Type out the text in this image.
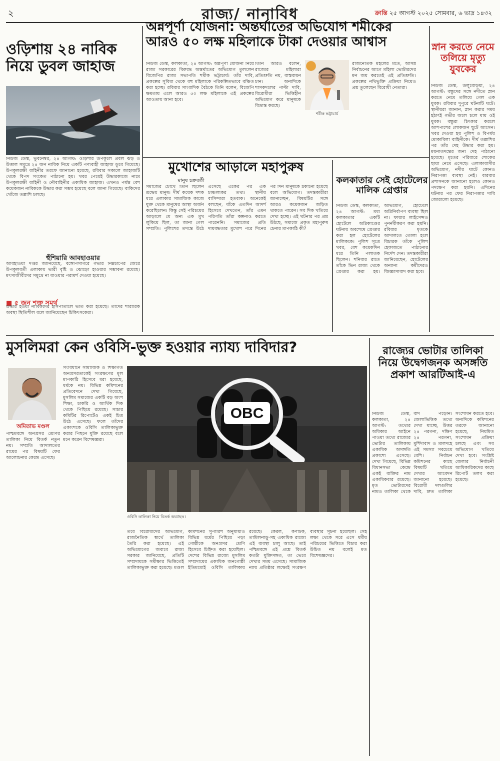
২	রাজ্য/ নানাবিধ	ক্রান্তি ২৫ আগস্ট ২০২৫ সোমবার, ৬ ভাদ্র ১৪৩২
ওড়িশায় ২৪ নাবিক নিয়ে ডুবল জাহাজ
নিউজ ডেস্ক, ভুবনেশ্বর, ২৪ আগস্ট: ওড়িশার উপকূলে প্রবল ঝড় ও উত্তাল সমুদ্রে ২৪ জন নাবিক নিয়ে একটি পণ্যবাহী জাহাজ ডুবে গিয়েছে। উপকূলরক্ষী বাহিনীর তরফে জানানো হয়েছে, রবিবার সকালে জাহাজটি থেকে বিপদ সংকেত পাঠানো হয়। খবর পেয়েই উদ্ধারকাজে নামে উপকূলরক্ষী বাহিনী ও নৌবাহিনীর একাধিক জাহাজ। এখনও পর্যন্ত বেশ কয়েকজন নাবিককে উদ্ধার করা সম্ভব হয়েছে বলে জানা গিয়েছে। বাকিদের খোঁজে তল্লাশি চলছে।
হুঁশিয়ারি আবহাওয়ার
আবহাওয়া দপ্তর জানিয়েছে, বঙ্গোপসাগরে গভীর নিম্নচাপের জেরে উপকূলবর্তী এলাকায় ভারী বৃষ্টি ও ঝোড়ো হাওয়ার সম্ভাবনা রয়েছে। মৎস্যজীবীদের সমুদ্রে না যাওয়ার পরামর্শ দেওয়া হয়েছে।
■ ৫ জন শক্ত সমর্থ
উদ্ধার হওয়া নাবিকদের হাসপাতালে ভর্তি করা হয়েছে। তাঁদের শারীরিক অবস্থা স্থিতিশীল বলে জানিয়েছেন চিকিৎসকেরা।
অন্নপূর্ণা যোজনা: অন্তর্ঘাতের অভিযোগ শমীকের আরও ৫০ লক্ষ মহিলাকে টাকা দেওয়ার আশ্বাস
নিউজ ডেস্ক, কলকাতা, ২৪ আগস্ট: অন্নপূর্ণা যোজনা নিয়ে রাজ্য সরকারের বিরুদ্ধে অন্তর্ঘাতের অভিযোগ তুললেন বিজেপির রাজ্য সভাপতি শমীক ভট্টাচার্য। তাঁর দাবি, প্রকল্পের সুবিধা থেকে বহু মহিলাকে পরিকল্পিতভাবে বঞ্চিত করা হচ্ছে। রবিবার সাংবাদিক বৈঠকে তিনি বলেন, বিজেপি ক্ষমতায় এলে আরও ৫০ লক্ষ মহিলাকে এই প্রকল্পের আওতায় আনা হবে।
তিনি আরও বলেন, রাজ্যের মহিলারা প্রতিশ্রুতি নয়, বাস্তবায়ন চান। অন্যদিকে শাসকদলের পাল্টা দাবি, বিরোধীরা ভিত্তিহীন অভিযোগ করে মানুষকে বিভ্রান্ত করছে।
রাজনৈতিক মহলের মতে, আসন্ন নির্বাচনের আগে মহিলা ভোটারদের মন জয় করতেই এই প্রতিশ্রুতি। প্রকল্পের নথিভুক্তি প্রক্রিয়া নিয়েও প্রশ্ন তুলেছেন বিরোধী নেতারা।
শমীক ভট্টাচার্য
মুখোশের আড়ালে মহাপুরুষ
মানুষ চক্রবর্তী
সমাজের চোখে তিনি ছিলেন শ্রদ্ধেয় মানুষ। দীর্ঘ কয়েক দশক ধরে এলাকার সামাজিক কাজে যুক্ত থেকে মানুষের আস্থা অর্জন করেছিলেন। কিন্তু সেই পরিচয়ের আড়ালে যে অন্য এক মুখ লুকিয়ে ছিল, তা জানা গেল সম্প্রতি। পুলিশের তদন্তে উঠে এসেছে একের পর এক চাঞ্চল্যকর তথ্য। স্থানীয় বাসিন্দারা হতবাক। অনেকেই বলছেন, যাঁকে এতদিন আদর্শ হিসেবে দেখতেন, তাঁর এমন পরিণতি তাঁরা কল্পনাও করতে পারেননি। সমাজের প্রতি দায়বদ্ধতার মুখোশ পরে দিনের পর দিন মানুষকে ঠকানো হয়েছে বলে অভিযোগ। তদন্তকারীরা জানাচ্ছেন, বিষয়টির সঙ্গে আরও কয়েকজন জড়িত থাকতে পারেন। সব দিক খতিয়ে দেখা হচ্ছে। এই ঘটনার পর প্রশ্ন উঠছে, সমাজে প্রকৃত মহাপুরুষ চেনার মাপকাঠি কী?
কলকাতার সেই হোটেলের মালিক গ্রেপ্তার
নিউজ ডেস্ক, কলকাতা, ২৪ আগস্ট: মধ্য কলকাতার একটি হোটেলে অগ্নিকাণ্ডের ঘটনায় অবশেষে গ্রেপ্তার করা হল হোটেলের মালিককে। পুলিশ সূত্রে খবর, বেশ কয়েকদিন ধরে তিনি পলাতক ছিলেন। শনিবার রাতে তাঁকে ভিন রাজ্য থেকে গ্রেপ্তার করা হয়। অভিযোগ, হোটেলে অগ্নিনির্বাপণ ব্যবস্থা ছিল না। ফায়ার লাইসেন্সও পুনর্নবীকরণ করা হয়নি। রবিবার ধৃতকে আদালতে তোলা হলে বিচারক তাঁকে পুলিশ হেফাজতে পাঠানোর নির্দেশ দেন। তদন্তকারীরা জানিয়েছেন, হোটেলের অন্যান্য কর্মীদেরও জিজ্ঞাসাবাদ করা হবে।
স্নান করতে নেমে তলিয়ে মৃত্যু যুবকের
নিউজ ডেস্ক, উলুবেড়িয়া, ২৪ আগস্ট: বন্ধুদের সঙ্গে নদীতে স্নান করতে নেমে তলিয়ে গেল এক যুবক। রবিবার দুপুরে ঘটনাটি ঘটে। স্থানীয়রা জানান, স্নান করার সময় হঠাৎই গভীর জলে চলে যায় ওই যুবক। বন্ধুরা চিৎকার করলে আশপাশের লোকজন ছুটে আসেন। খবর দেওয়া হয় পুলিশ ও বিপর্যয় মোকাবিলা বাহিনীকে। দীর্ঘ তল্লাশির পর তাঁর দেহ উদ্ধার করা হয়। ময়নাতদন্তের জন্য দেহ পাঠানো হয়েছে। মৃতের পরিবারে শোকের ছায়া নেমে এসেছে। এলাকাবাসীর অভিযোগ, নদীর ঘাটে কোনও নিরাপত্তা ব্যবস্থা নেই। বারবার প্রশাসনকে জানানো হলেও কোনও পদক্ষেপ করা হয়নি। এদিনের ঘটনার পর ফের নিরাপত্তার দাবি জোরালো হয়েছে।
মুসলিমরা কেন ওবিসি-ভুক্ত হওয়ার ন্যায্য দাবিদার?
অমিতাভ মণ্ডল
পশ্চিমবঙ্গে অনগ্রসর শ্রেণির তালিকা নিয়ে বিতর্ক নতুন নয়। সম্প্রতি আদালতের রায়ের পর বিষয়টি ফের আলোচনার কেন্দ্রে এসেছে।
সংবিধানে সামাজিক ও শিক্ষাগত অনগ্রসরতাকেই সংরক্ষণের মূল মাপকাঠি হিসেবে ধরা হয়েছে, ধর্মকে নয়। বিভিন্ন কমিশনের প্রতিবেদনে দেখা গিয়েছে, মুসলিম সমাজের একটি বড় অংশ শিক্ষা, চাকরি ও আর্থিক দিক থেকে পিছিয়ে রয়েছে। সাচার কমিটির রিপোর্টেও একই চিত্র উঠে এসেছে। ফলে তাঁদের একাংশকে ওবিসি তালিকাভুক্ত করার পিছনে যুক্তি রয়েছে বলে মনে করেন বিশেষজ্ঞরা।
OBC
ওবিসি তালিকা নিয়ে বিতর্ক অব্যাহত।
তবে বিরোধীদের অভিযোগ, রাজনৈতিক স্বার্থে তালিকা তৈরি করা হয়েছে। এই অভিযোগের জবাবে রাজ্য সরকার জানিয়েছে, প্রতিটি সম্প্রদায়কে সমীক্ষার ভিত্তিতেই তালিকাভুক্ত করা হয়েছে। মণ্ডল কমিশনের সুপারিশ অনুযায়ীও বিভিন্ন ধর্মের পিছিয়ে পড়া গোষ্ঠীকে অনগ্রসর শ্রেণি হিসেবে চিহ্নিত করা হয়েছিল। দেশের বিভিন্ন রাজ্যে মুসলিম সম্প্রদায়ের একাধিক জনগোষ্ঠী ইতিমধ্যেই ওবিসি তালিকায় রয়েছে। কেরল, কর্ণাটক, তামিলনাড়ু-সহ একাধিক রাজ্যে এই ব্যবস্থা চালু আছে। তাই পশ্চিমবঙ্গে এই প্রশ্নে বিতর্ক কতটা যুক্তিসঙ্গত, তা ভেবে দেখার সময় এসেছে। সামাজিক ন্যায় প্রতিষ্ঠার লক্ষ্যেই সংরক্ষণ ব্যবস্থার সূচনা হয়েছিল। সেই লক্ষ্য থেকে সরে এসে ধর্মীয় পরিচয়ের ভিত্তিতে বিচার করা উচিত নয় বলেই মত বিশেষজ্ঞদের।
রাজ্যের ভোটার তালিকা নিয়ে উদ্বেগজনক অসঙ্গতি প্রকাশ আরটিআই-এ
নিউজ ডেস্ক, কলকাতা, ২৪ আগস্ট: তথ্যের অধিকার আইনে পাওয়া তথ্যে রাজ্যের ভোটার তালিকায় একাধিক অসঙ্গতি প্রকাশ্যে এসেছে। দেখা গিয়েছে, বিভিন্ন বিধানসভা কেন্দ্রে একই ব্যক্তির নাম একাধিকবার রয়েছে। মৃত ভোটারদের নামও তালিকা থেকে বাদ পড়েনি। জেলাভিত্তিক তথ্যে দেখা যাচ্ছে, উত্তর ২৪ পরগনা, দক্ষিণ ২৪ পরগনা, মুর্শিদাবাদ ও মালদহে এই সমস্যা সবচেয়ে বেশি। নির্বাচন কমিশনের কাছে বিষয়টি খতিয়ে দেখার আবেদন জানানো হয়েছে। বিরোধী দলগুলির দাবি, দ্রুত তালিকা সংশোধন করতে হবে। অন্যদিকে কমিশনের তরফে জানানো হয়েছে, নিয়মিত সংশোধন প্রক্রিয়া চলছে এবং সব অভিযোগ খতিয়ে দেখা হবে। সংশ্লিষ্ট জেলার নির্বাচনী আধিকারিকদের কাছে রিপোর্ট তলব করা হয়েছে।
